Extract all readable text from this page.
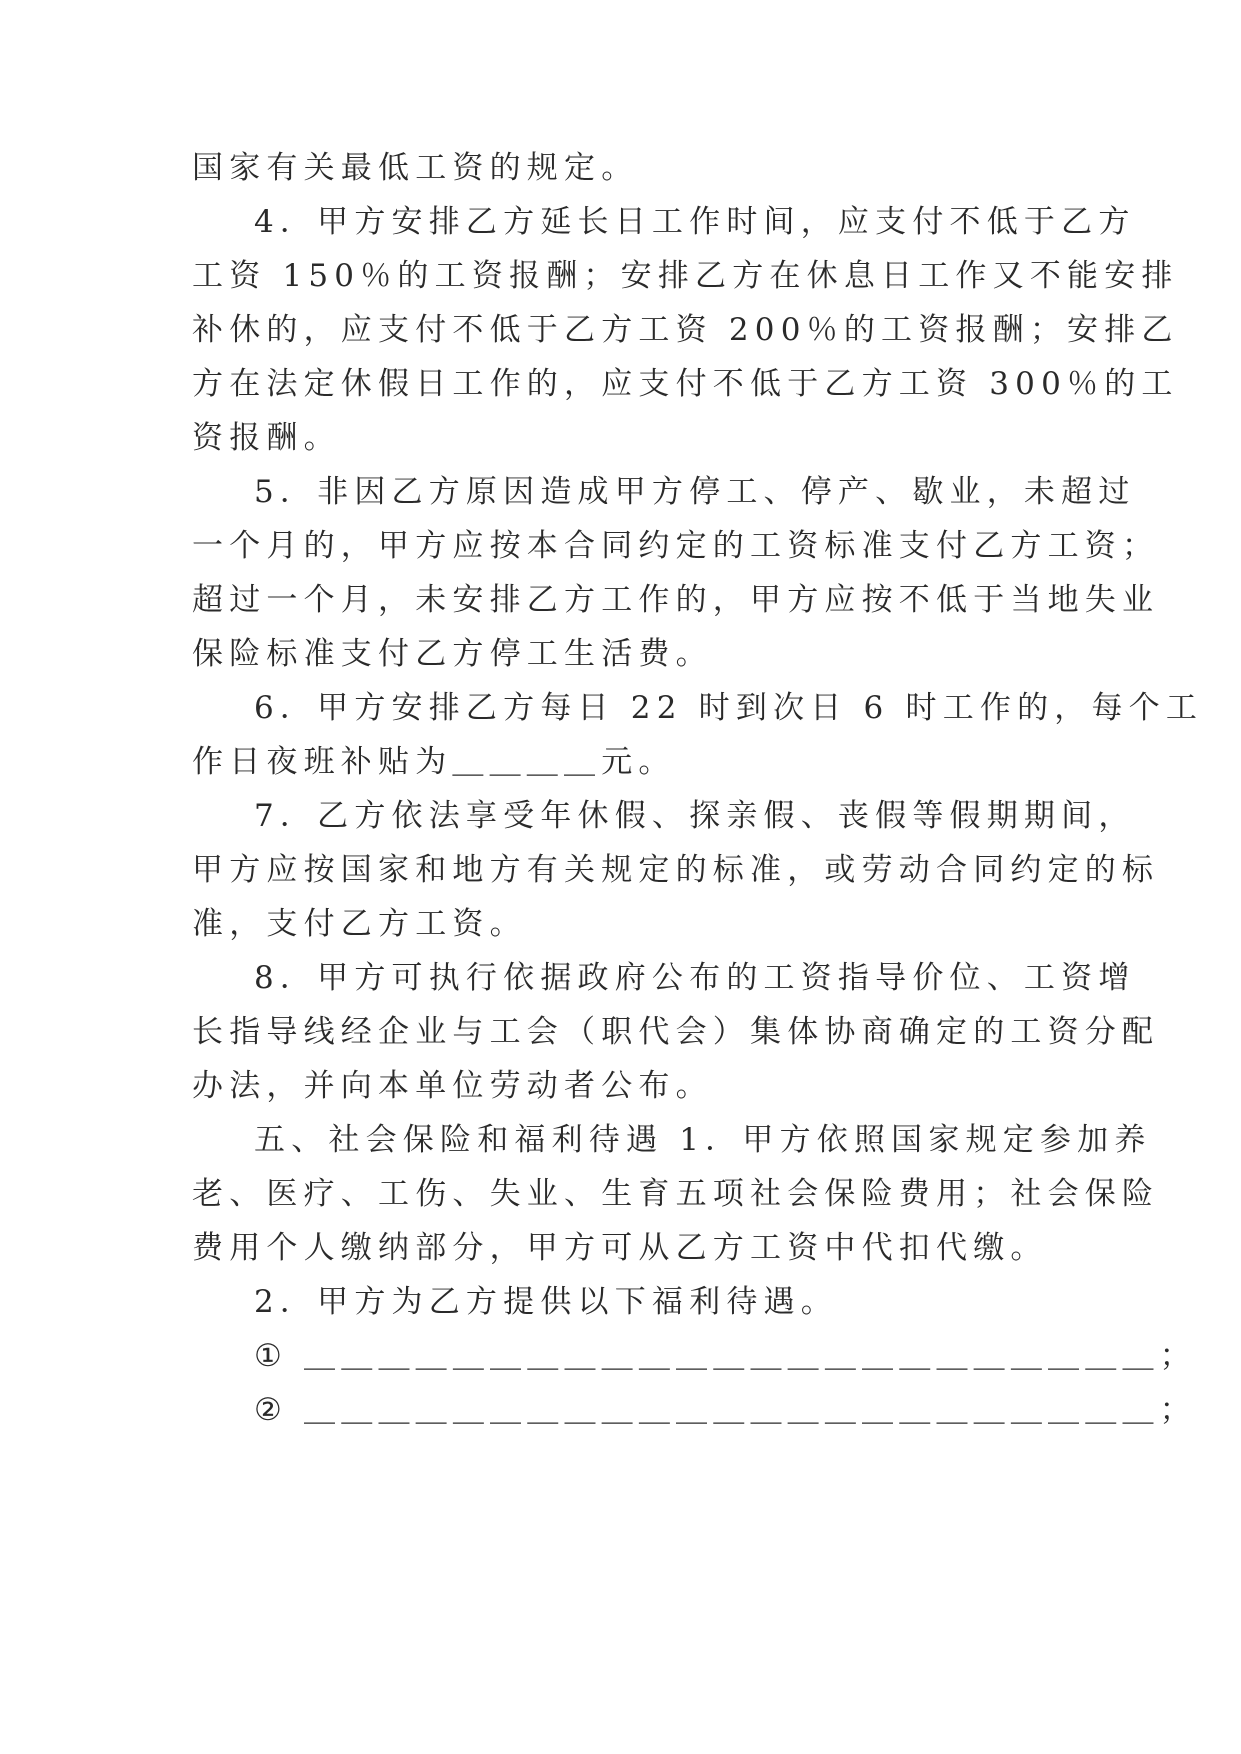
国家有关最低工资的规定。
4．甲方安排乙方延长日工作时间，应支付不低于乙方
工资 150％的工资报酬；安排乙方在休息日工作又不能安排
补休的，应支付不低于乙方工资 200％的工资报酬；安排乙
方在法定休假日工作的，应支付不低于乙方工资 300％的工
资报酬。
5．非因乙方原因造成甲方停工、停产、歇业，未超过
一个月的，甲方应按本合同约定的工资标准支付乙方工资；
超过一个月，未安排乙方工作的，甲方应按不低于当地失业
保险标准支付乙方停工生活费。
6．甲方安排乙方每日 22 时到次日 6 时工作的，每个工
作日夜班补贴为＿＿＿＿元。
7．乙方依法享受年休假、探亲假、丧假等假期期间，
甲方应按国家和地方有关规定的标准，或劳动合同约定的标
准，支付乙方工资。
8．甲方可执行依据政府公布的工资指导价位、工资增
长指导线经企业与工会（职代会）集体协商确定的工资分配
办法，并向本单位劳动者公布。
五、社会保险和福利待遇 1．甲方依照国家规定参加养
老、医疗、工伤、失业、生育五项社会保险费用；社会保险
费用个人缴纳部分，甲方可从乙方工资中代扣代缴。
2．甲方为乙方提供以下福利待遇。
① ＿＿＿＿＿＿＿＿＿＿＿＿＿＿＿＿＿＿＿＿＿＿＿；
② ＿＿＿＿＿＿＿＿＿＿＿＿＿＿＿＿＿＿＿＿＿＿＿；
